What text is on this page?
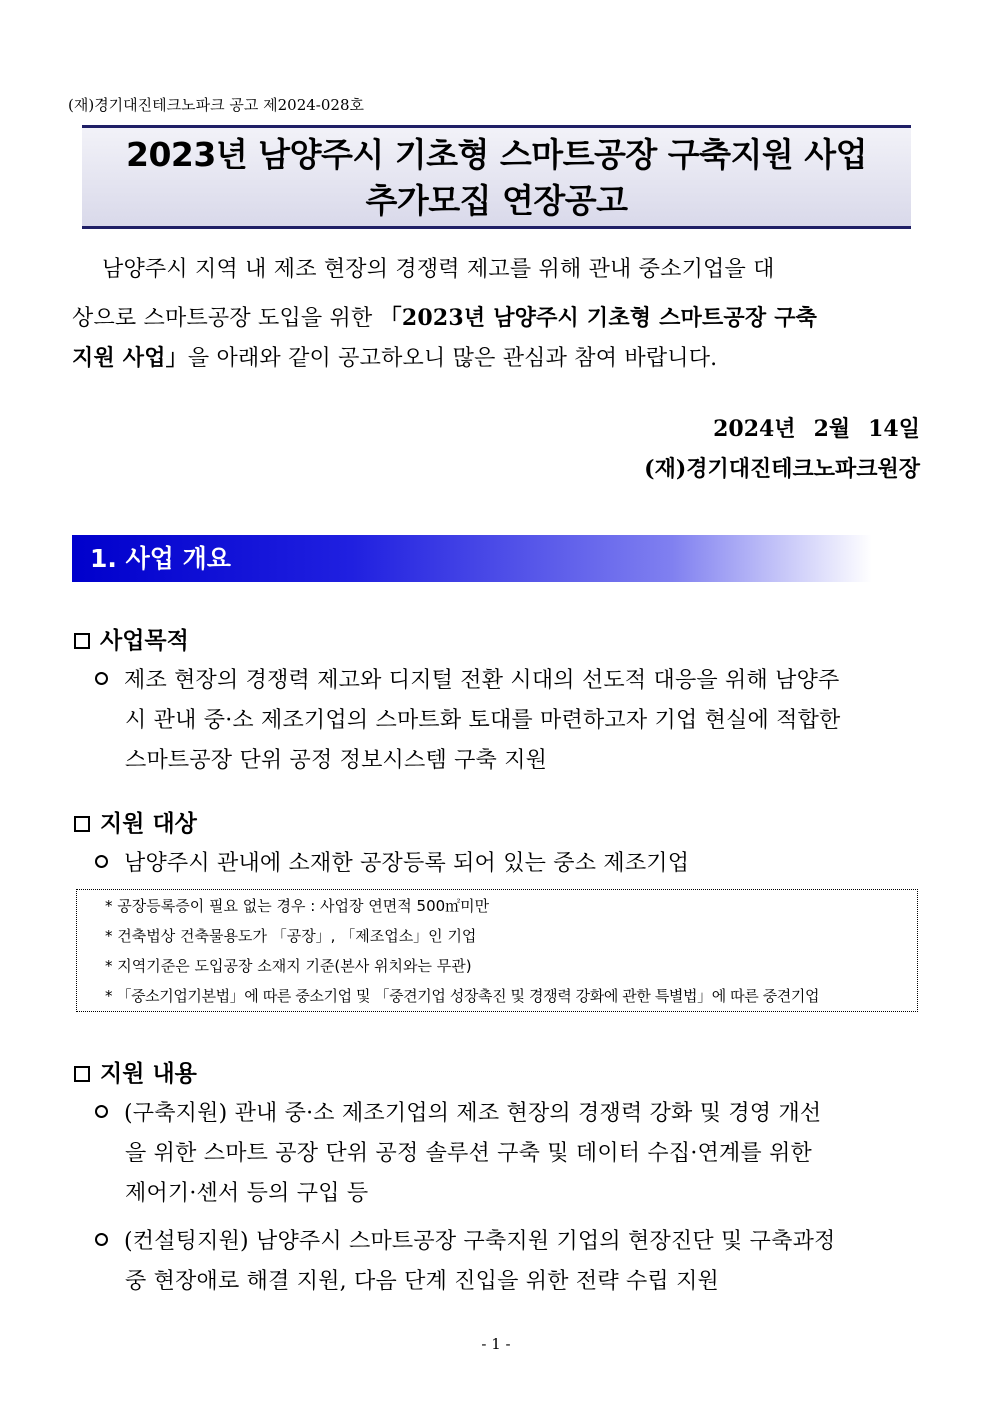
(재)경기대진테크노파크 공고 제2024-028호
2023년 남양주시 기초형 스마트공장 구축지원 사업
추가모집 연장공고
남양주시 지역 내 제조 현장의 경쟁력 제고를 위해 관내 중소기업을 대
상으로 스마트공장 도입을 위한 「2023년 남양주시 기초형 스마트공장 구축
지원 사업」을 아래와 같이 공고하오니 많은 관심과 참여 바랍니다.
2024년 2월 14일
(재)경기대진테크노파크원장
1. 사업 개요
사업목적
제조 현장의 경쟁력 제고와 디지털 전환 시대의 선도적 대응을 위해 남양주
시 관내 중·소 제조기업의 스마트화 토대를 마련하고자 기업 현실에 적합한
스마트공장 단위 공정 정보시스템 구축 지원
지원 대상
남양주시 관내에 소재한 공장등록 되어 있는 중소 제조기업
* 공장등록증이 필요 없는 경우 : 사업장 연면적 500㎡미만
* 건축법상 건축물용도가 「공장」, 「제조업소」인 기업
* 지역기준은 도입공장 소재지 기준(본사 위치와는 무관)
* 「중소기업기본법」에 따른 중소기업 및 「중견기업 성장촉진 및 경쟁력 강화에 관한 특별법」에 따른 중견기업
지원 내용
(구축지원) 관내 중·소 제조기업의 제조 현장의 경쟁력 강화 및 경영 개선
을 위한 스마트 공장 단위 공정 솔루션 구축 및 데이터 수집·연계를 위한
제어기·센서 등의 구입 등
(컨설팅지원) 남양주시 스마트공장 구축지원 기업의 현장진단 및 구축과정
중 현장애로 해결 지원, 다음 단계 진입을 위한 전략 수립 지원
- 1 -
